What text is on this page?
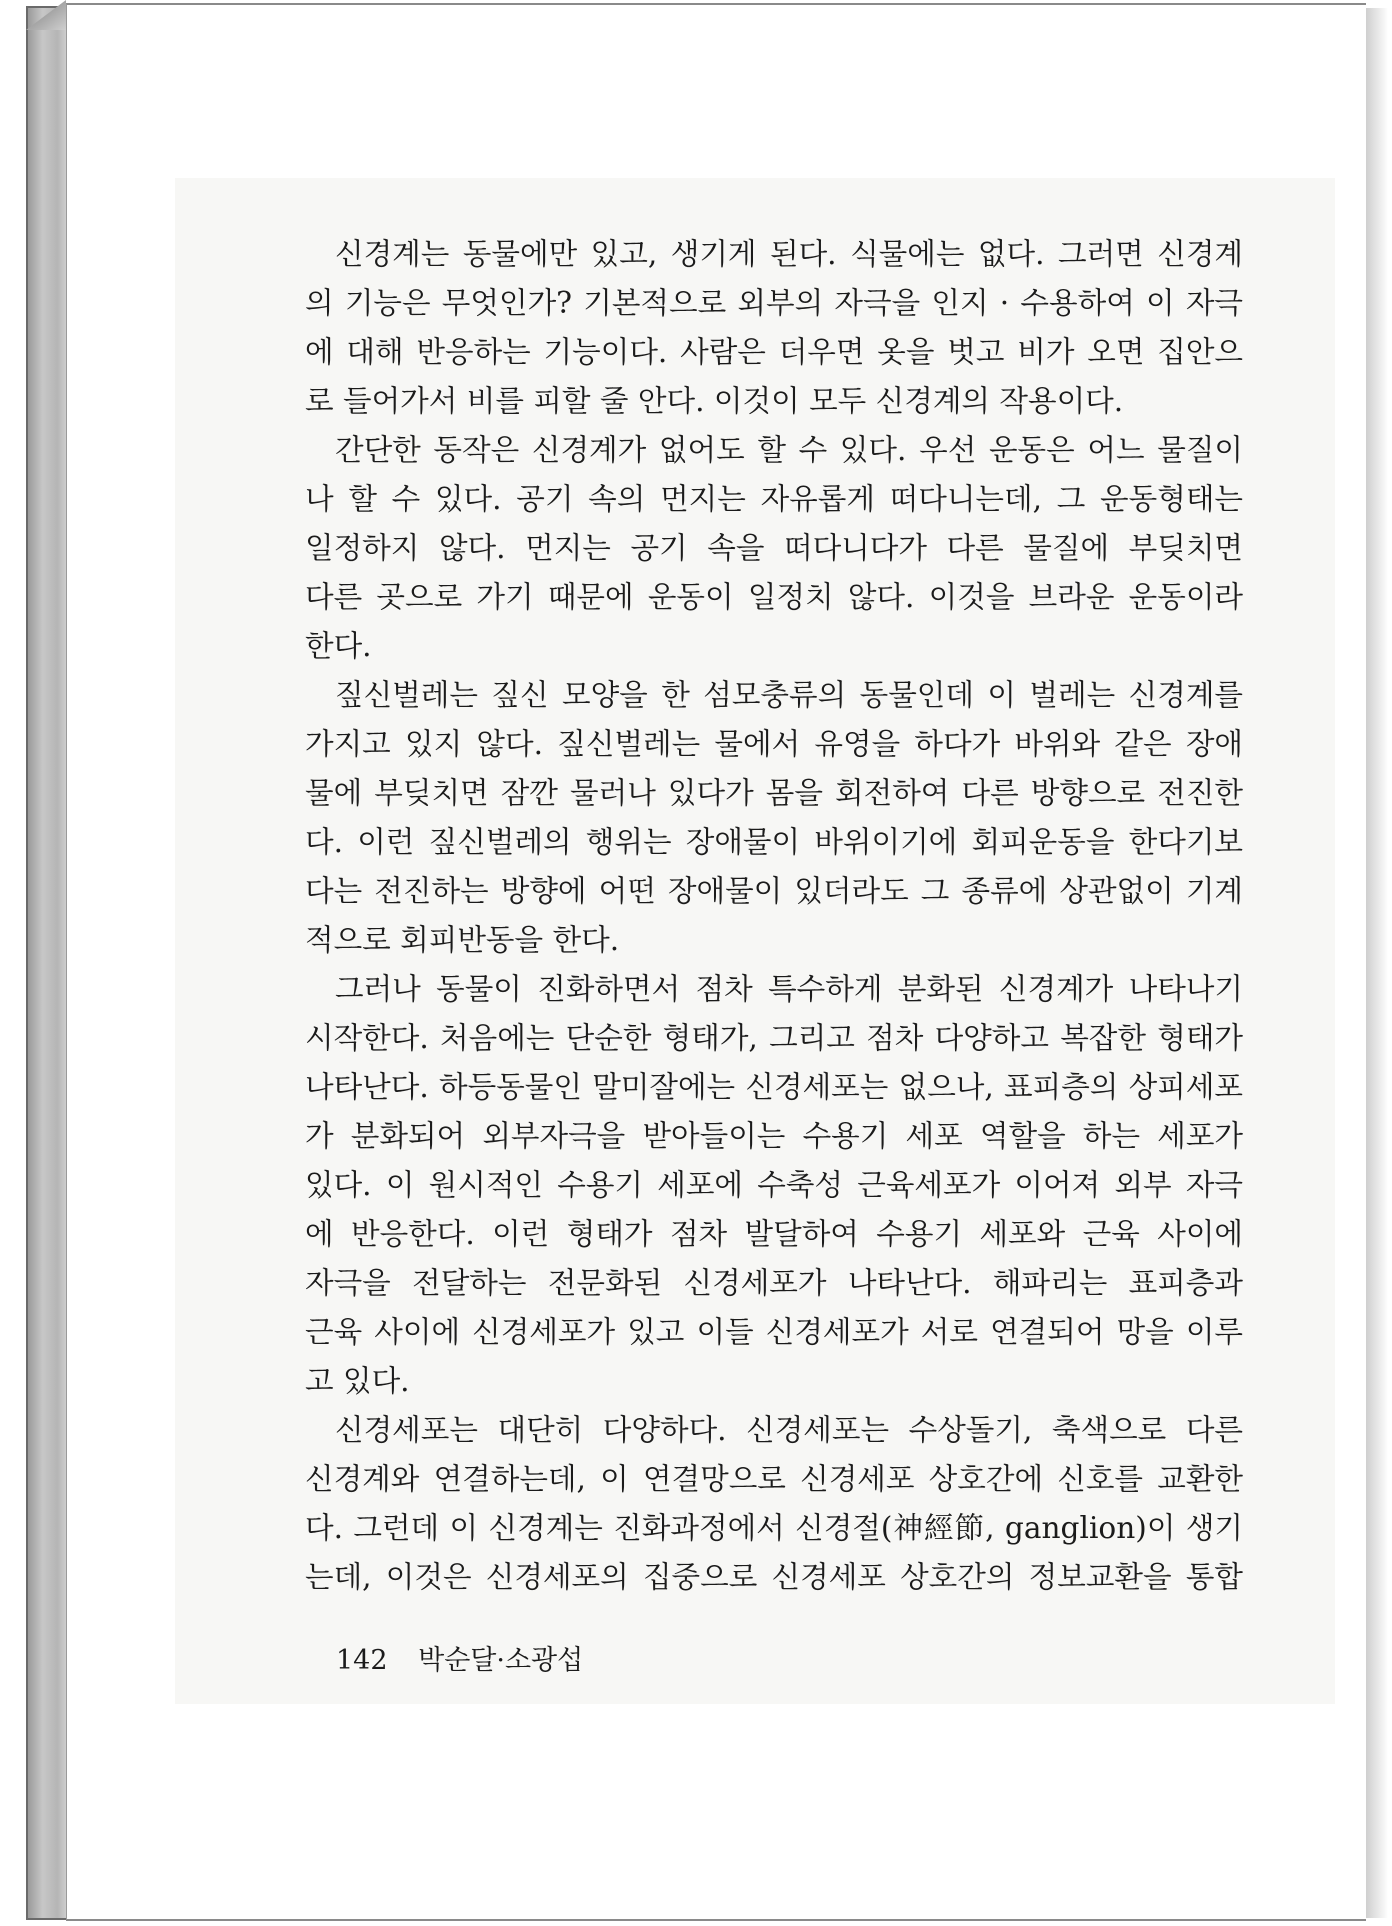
신경계는 동물에만 있고, 생기게 된다. 식물에는 없다. 그러면 신경계
의 기능은 무엇인가? 기본적으로 외부의 자극을 인지 · 수용하여 이 자극
에 대해 반응하는 기능이다. 사람은 더우면 옷을 벗고 비가 오면 집안으
로 들어가서 비를 피할 줄 안다. 이것이 모두 신경계의 작용이다.
간단한 동작은 신경계가 없어도 할 수 있다. 우선 운동은 어느 물질이
나 할 수 있다. 공기 속의 먼지는 자유롭게 떠다니는데, 그 운동형태는
일정하지 않다. 먼지는 공기 속을 떠다니다가 다른 물질에 부딪치면
다른 곳으로 가기 때문에 운동이 일정치 않다. 이것을 브라운 운동이라
한다.
짚신벌레는 짚신 모양을 한 섬모충류의 동물인데 이 벌레는 신경계를
가지고 있지 않다. 짚신벌레는 물에서 유영을 하다가 바위와 같은 장애
물에 부딪치면 잠깐 물러나 있다가 몸을 회전하여 다른 방향으로 전진한
다. 이런 짚신벌레의 행위는 장애물이 바위이기에 회피운동을 한다기보
다는 전진하는 방향에 어떤 장애물이 있더라도 그 종류에 상관없이 기계
적으로 회피반동을 한다.
그러나 동물이 진화하면서 점차 특수하게 분화된 신경계가 나타나기
시작한다. 처음에는 단순한 형태가, 그리고 점차 다양하고 복잡한 형태가
나타난다. 하등동물인 말미잘에는 신경세포는 없으나, 표피층의 상피세포
가 분화되어 외부자극을 받아들이는 수용기 세포 역할을 하는 세포가
있다. 이 원시적인 수용기 세포에 수축성 근육세포가 이어져 외부 자극
에 반응한다. 이런 형태가 점차 발달하여 수용기 세포와 근육 사이에
자극을 전달하는 전문화된 신경세포가 나타난다. 해파리는 표피층과
근육 사이에 신경세포가 있고 이들 신경세포가 서로 연결되어 망을 이루
고 있다.
신경세포는 대단히 다양하다. 신경세포는 수상돌기, 축색으로 다른
신경계와 연결하는데, 이 연결망으로 신경세포 상호간에 신호를 교환한
다. 그런데 이 신경계는 진화과정에서 신경절(神經節, ganglion)이 생기
는데, 이것은 신경세포의 집중으로 신경세포 상호간의 정보교환을 통합
142 박순달·소광섭
